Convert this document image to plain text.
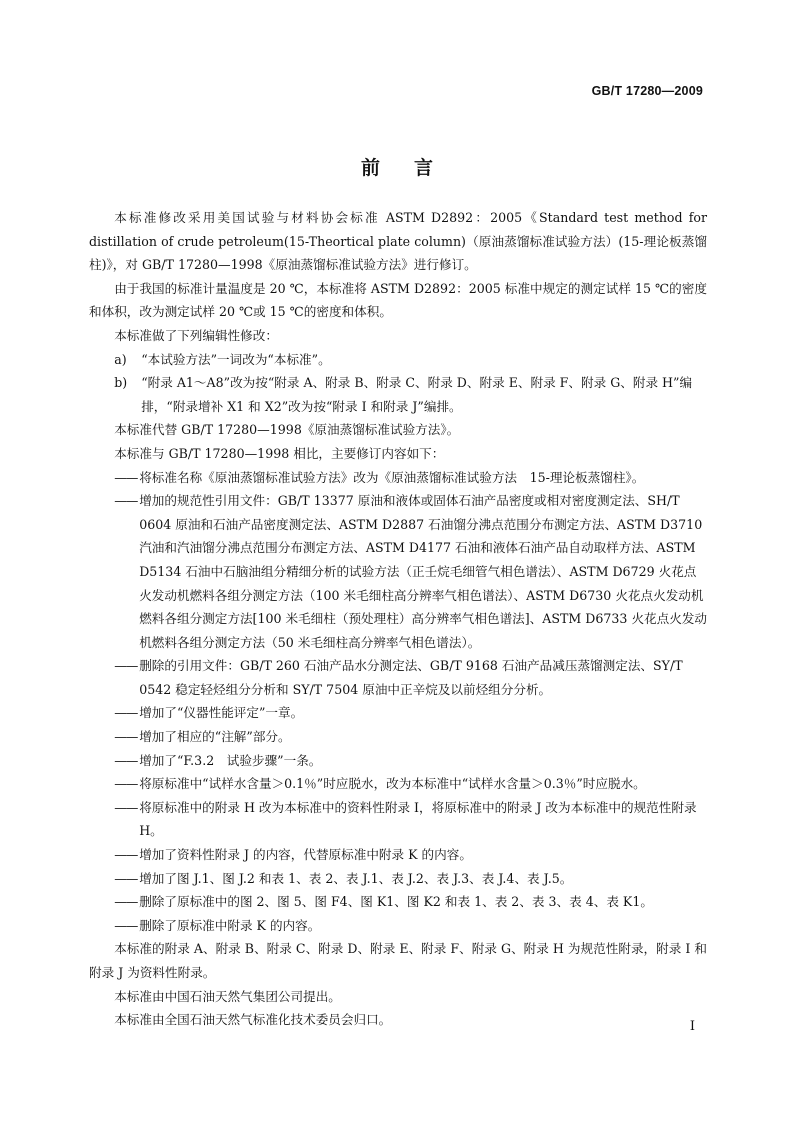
GB/T 17280—2009
前言

本标准修改采用美国试验与材料协会标准 ASTM D2892：2005《Standard test method for distillation of crude petroleum(15-Theortical plate column)（原油蒸馏标准试验方法）(15-理论板蒸馏柱)》，对 GB/T 17280—1998《原油蒸馏标准试验方法》进行修订。

由于我国的标准计量温度是 20 ℃，本标准将 ASTM D2892：2005 标准中规定的测定试样 15 ℃的密度和体积，改为测定试样 20 ℃或 15 ℃的密度和体积。

本标准做了下列编辑性修改：

a)	“本试验方法”一词改为“本标准”。
b)	“附录 A1～A8”改为按“附录 A、附录 B、附录 C、附录 D、附录 E、附录 F、附录 G、附录 H”编排，“附录增补 X1 和 X2”改为按“附录 I 和附录 J”编排。

本标准代替 GB/T 17280—1998《原油蒸馏标准试验方法》。

本标准与 GB/T 17280—1998 相比，主要修订内容如下：

—— 将标准名称《原油蒸馏标准试验方法》改为《原油蒸馏标准试验方法　15-理论板蒸馏柱》。
—— 增加的规范性引用文件：GB/T 13377 原油和液体或固体石油产品密度或相对密度测定法、SH/T 0604 原油和石油产品密度测定法、ASTM D2887 石油馏分沸点范围分布测定方法、ASTM D3710 汽油和汽油馏分沸点范围分布测定方法、ASTM D4177 石油和液体石油产品自动取样方法、ASTM D5134 石油中石脑油组分精细分析的试验方法（正壬烷毛细管气相色谱法）、ASTM D6729 火花点火发动机燃料各组分测定方法（100 米毛细柱高分辨率气相色谱法）、ASTM D6730 火花点火发动机燃料各组分测定方法[100 米毛细柱（预处理柱）高分辨率气相色谱法]、ASTM D6733 火花点火发动机燃料各组分测定方法（50 米毛细柱高分辨率气相色谱法）。
—— 删除的引用文件：GB/T 260 石油产品水分测定法、GB/T 9168 石油产品减压蒸馏测定法、SY/T 0542 稳定轻烃组分分析和 SY/T 7504 原油中正辛烷及以前烃组分分析。
—— 增加了“仪器性能评定”一章。
—— 增加了相应的“注解”部分。
—— 增加了“F.3.2　试验步骤”一条。
—— 将原标准中“试样水含量＞0.1％”时应脱水，改为本标准中“试样水含量＞0.3％”时应脱水。
—— 将原标准中的附录 H 改为本标准中的资料性附录 I，将原标准中的附录 J 改为本标准中的规范性附录 H。
—— 增加了资料性附录 J 的内容，代替原标准中附录 K 的内容。
—— 增加了图 J.1、图 J.2 和表 1、表 2、表 J.1、表 J.2、表 J.3、表 J.4、表 J.5。
—— 删除了原标准中的图 2、图 5、图 F4、图 K1、图 K2 和表 1、表 2、表 3、表 4、表 K1。
—— 删除了原标准中附录 K 的内容。

本标准的附录 A、附录 B、附录 C、附录 D、附录 E、附录 F、附录 G、附录 H 为规范性附录，附录 I 和附录 J 为资料性附录。

本标准由中国石油天然气集团公司提出。

本标准由全国石油天然气标准化技术委员会归口。	I
